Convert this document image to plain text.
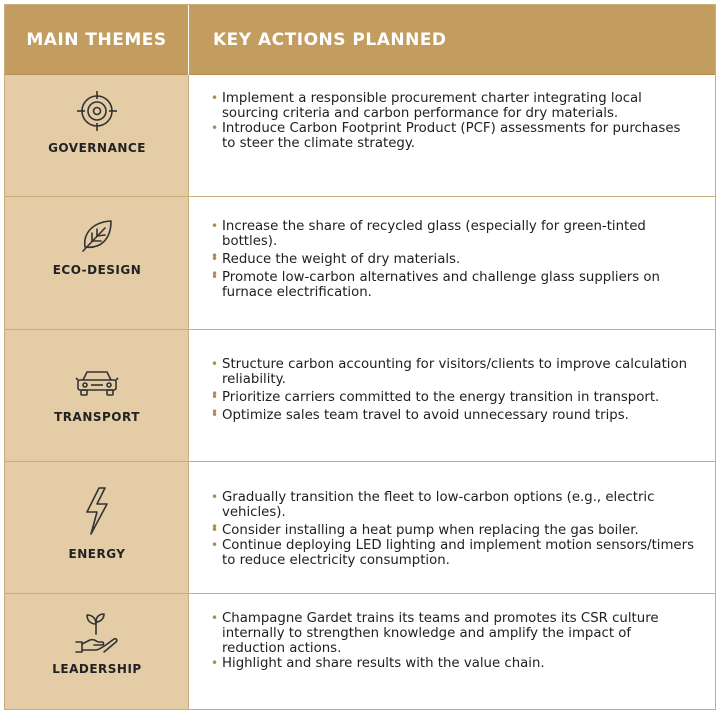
MAIN THEMES	KEY ACTIONS PLANNED
GOVERNANCE
• Implement a responsible procurement charter integrating local sourcing criteria and carbon performance for dry materials.
• Introduce Carbon Footprint Product (PCF) assessments for purchases to steer the climate strategy.
ECO-DESIGN
• Increase the share of recycled glass (especially for green-tinted bottles).
•
• Reduce the weight of dry materials.
•
• Promote low-carbon alternatives and challenge glass suppliers on furnace electrification.
TRANSPORT
• Structure carbon accounting for visitors/clients to improve calculation reliability.
•
• Prioritize carriers committed to the energy transition in transport.
•
• Optimize sales team travel to avoid unnecessary round trips.
ENERGY
• Gradually transition the fleet to low-carbon options (e.g., electric vehicles).
•
• Consider installing a heat pump when replacing the gas boiler.
• Continue deploying LED lighting and implement motion sensors/timers to reduce electricity consumption.
LEADERSHIP
• Champagne Gardet trains its teams and promotes its CSR culture internally to strengthen knowledge and amplify the impact of reduction actions.
• Highlight and share results with the value chain.
